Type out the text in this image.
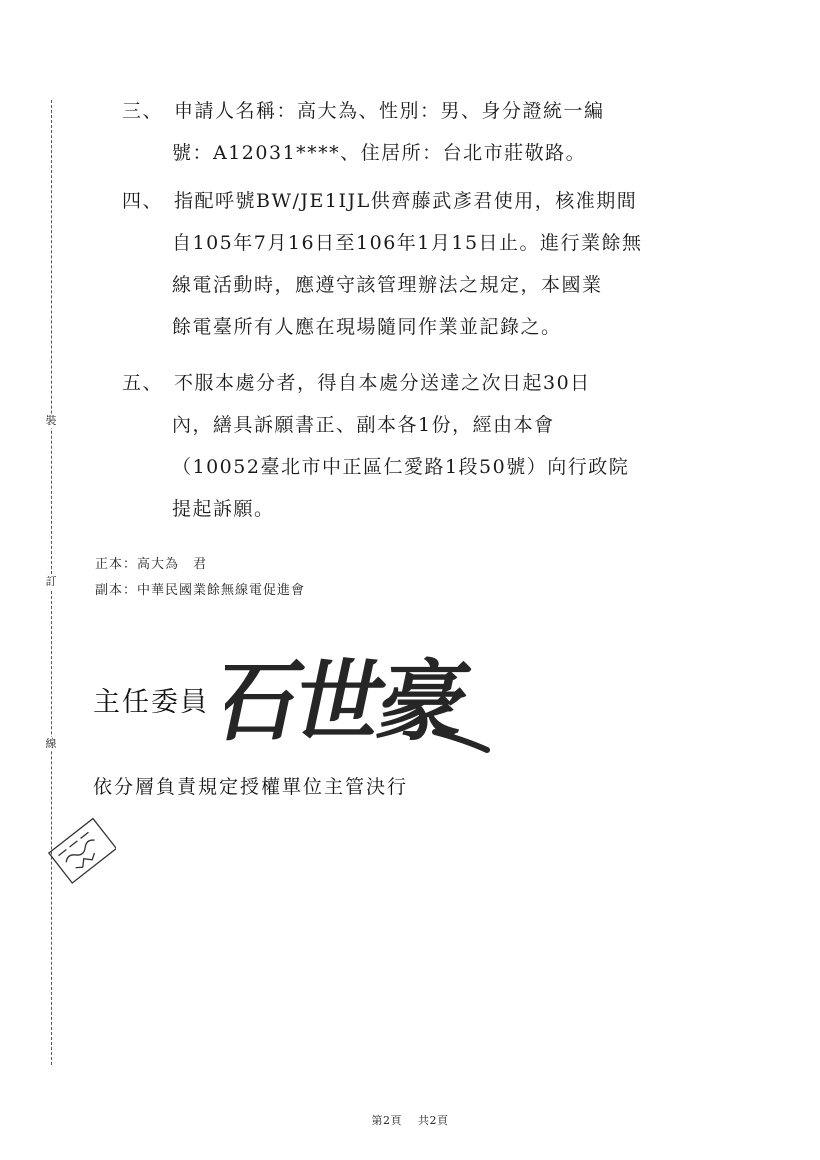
裝
訂
線
三、 申請人名稱：高大為、性別：男、身分證統一編
號：A12031****、住居所：台北市莊敬路。
四、 指配呼號BW/JE1IJL供齊藤武彥君使用，核准期間
自105年7月16日至106年1月15日止。進行業餘無
線電活動時，應遵守該管理辦法之規定，本國業
餘電臺所有人應在現場隨同作業並記錄之。
五、 不服本處分者，得自本處分送達之次日起30日
內，繕具訴願書正、副本各1份，經由本會
（10052臺北市中正區仁愛路1段50號）向行政院
提起訴願。
正本：高大為　君
副本：中華民國業餘無線電促進會
主任委員
石世豪
依分層負責規定授權單位主管決行
第2頁 共2頁
